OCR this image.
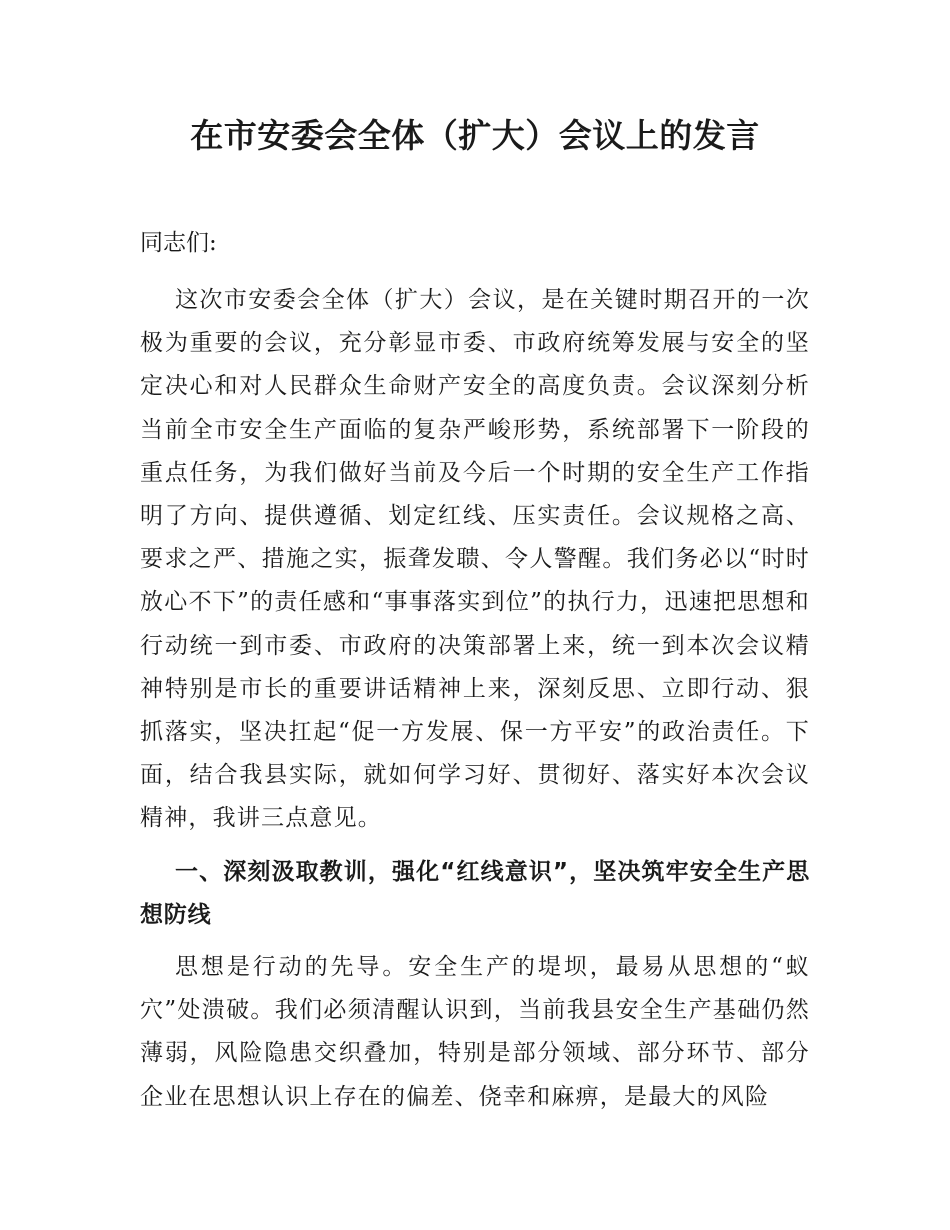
在市安委会全体（扩大）会议上的发言

同志们:

这次市安委会全体（扩大）会议，是在关键时期召开的一次极为重要的会议，充分彰显市委、市政府统筹发展与安全的坚定决心和对人民群众生命财产安全的高度负责。会议深刻分析当前全市安全生产面临的复杂严峻形势，系统部署下一阶段的重点任务，为我们做好当前及今后一个时期的安全生产工作指明了方向、提供遵循、划定红线、压实责任。会议规格之高、要求之严、措施之实，振聋发聩、令人警醒。我们务必以“时时放心不下”的责任感和“事事落实到位”的执行力，迅速把思想和行动统一到市委、市政府的决策部署上来，统一到本次会议精神特别是市长的重要讲话精神上来，深刻反思、立即行动、狠抓落实，坚决扛起“促一方发展、保一方平安”的政治责任。下面，结合我县实际，就如何学习好、贯彻好、落实好本次会议精神，我讲三点意见。

一、深刻汲取教训，强化“红线意识”，坚决筑牢安全生产思想防线

思想是行动的先导。安全生产的堤坝，最易从思想的“蚁穴”处溃破。我们必须清醒认识到，当前我县安全生产基础仍然薄弱，风险隐患交织叠加，特别是部分领域、部分环节、部分企业在思想认识上存在的偏差、侥幸和麻痹，是最大的风险
